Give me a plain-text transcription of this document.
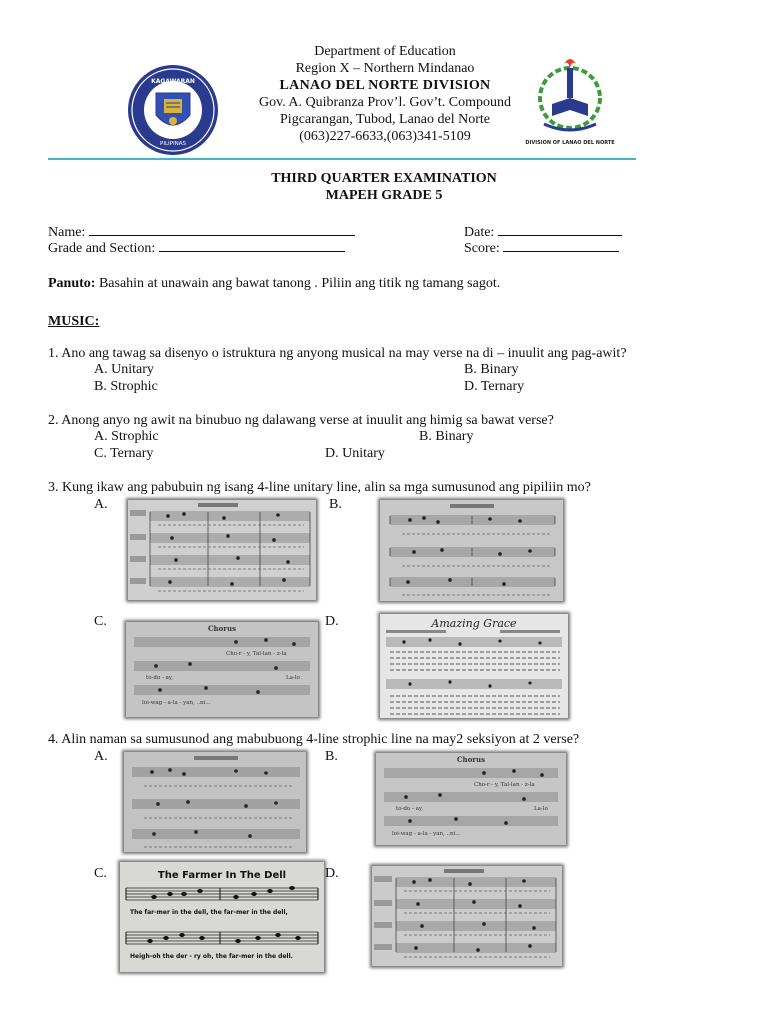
KAGAWARAN
PILIPINAS
Department of Education
Region X – Northern Mindanao
LANAO DEL NORTE DIVISION
Gov. A. Quibranza Prov’l. Gov’t. Compound
Pigcarangan, Tubod, Lanao del Norte
(063)227-6633,(063)341-5109	DIVISION OF LANAO DEL NORTE
THIRD QUARTER EXAMINATION
MAPEH GRADE 5
Name:	Date:
Grade and Section:	Score:
Panuto: Basahin at unawain ang bawat tanong . Piliin ang titik ng tamang sagot.
MUSIC:
1. Ano ang tawag sa disenyo o istruktura ng anyong musical na may verse na di – inuulit ang pag-awit?
A. Unitary	B. Binary
B. Strophic	D. Ternary
2. Anong anyo ng awit na binubuo ng dalawang verse at inuulit ang himig sa bawat verse?
A. Strophic	B. Binary
C. Ternary	D. Unitary
3. Kung ikaw ang pabubuin ng isang 4-line unitary line, alin sa mga sumusunod ang pipiliin mo?
A.	B.
C.	D.
Chorus
Cho-r - y, Tal-lan - z-la
to-do - ay,	La-lo
loi-wag - a-la - yan, ..ni...
Amazing Grace
4. Alin naman sa sumusunod ang mabubuong 4-line strophic line na may2 seksiyon at 2 verse?
A.	B.
C.	D.
Chorus
Cho-r - y, Tal-lan - z-la
to-do - ay,	La-lo
loi-wag - a-la - yan, ..ni...
The Farmer In The Dell
The far-mer in the dell, the far-mer in the dell,
Heigh-oh the der - ry oh, the far-mer in the dell.
